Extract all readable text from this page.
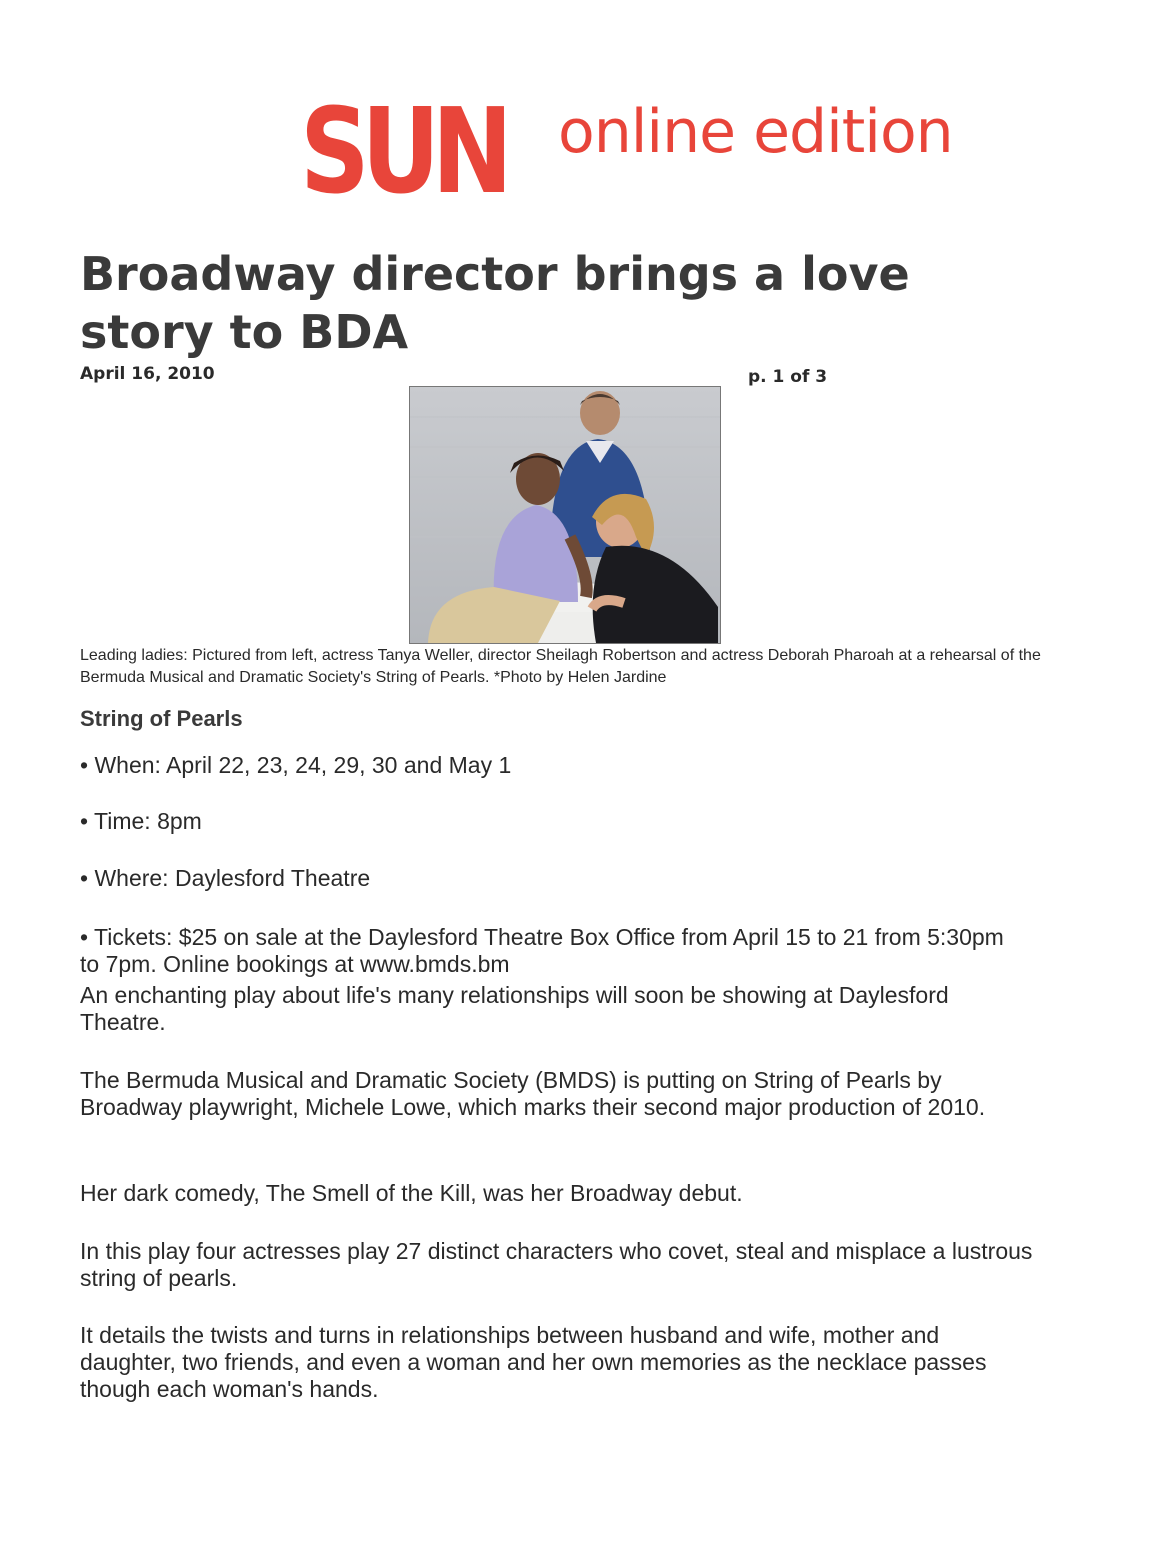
SUN online edition
Broadway director brings a love story to BDA
April 16, 2010	p. 1 of 3
Leading ladies: Pictured from left, actress Tanya Weller, director Sheilagh Robertson and actress Deborah Pharoah at a rehearsal of the Bermuda Musical and Dramatic Society's String of Pearls. *Photo by Helen Jardine
String of Pearls
• When: April 22, 23, 24, 29, 30 and May 1
• Time: 8pm
• Where: Daylesford Theatre
• Tickets: $25 on sale at the Daylesford Theatre Box Office from April 15 to 21 from 5:30pm to 7pm. Online bookings at www.bmds.bm

An enchanting play about life's many relationships will soon be showing at Daylesford Theatre.

The Bermuda Musical and Dramatic Society (BMDS) is putting on String of Pearls by Broadway playwright, Michele Lowe, which marks their second major production of 2010.

Her dark comedy, The Smell of the Kill, was her Broadway debut.

In this play four actresses play 27 distinct characters who covet, steal and misplace a lustrous string of pearls.

It details the twists and turns in relationships between husband and wife, mother and daughter, two friends, and even a woman and her own memories as the necklace passes though each woman's hands.
